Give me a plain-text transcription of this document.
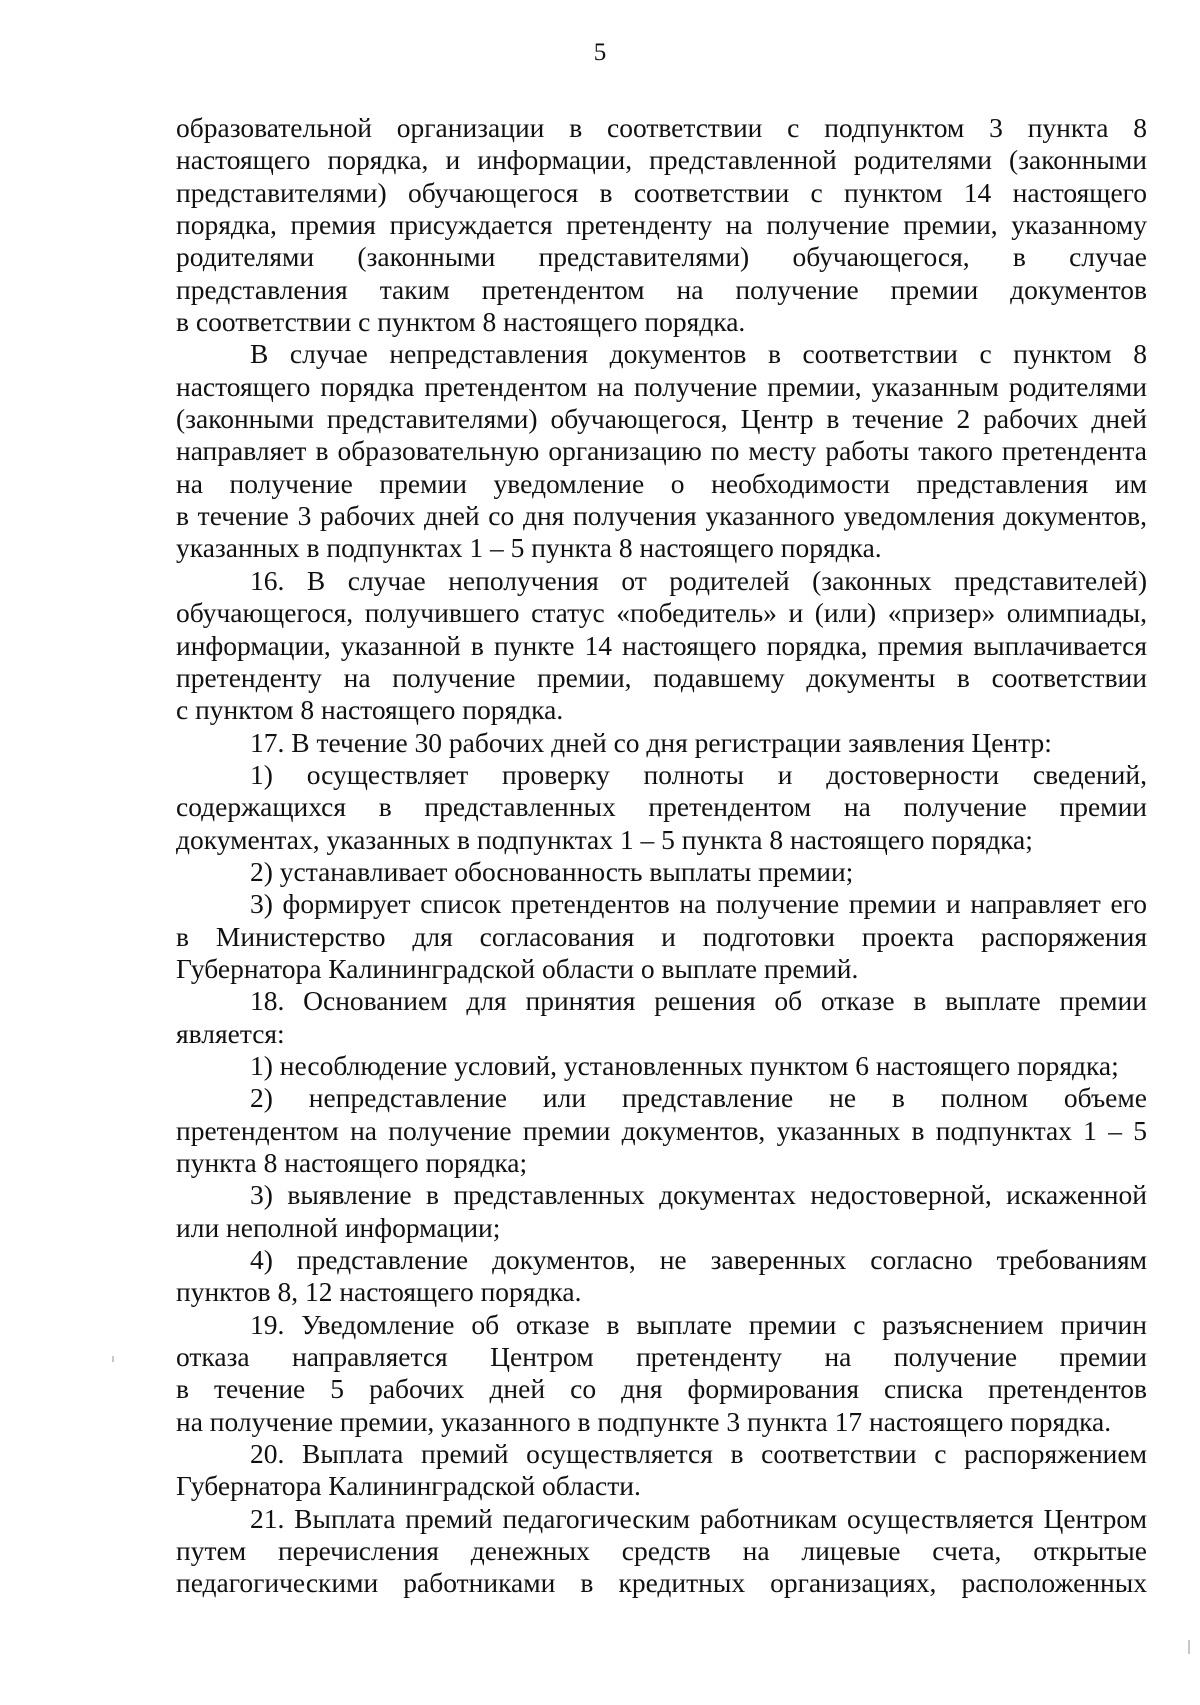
5
образовательной организации в соответствии с подпунктом 3 пункта 8
настоящего порядка, и информации, представленной родителями (законными
представителями) обучающегося в соответствии с пунктом 14 настоящего
порядка, премия присуждается претенденту на получение премии, указанному
родителями (законными представителями) обучающегося, в случае
представления таким претендентом на получение премии документов
в соответствии с пунктом 8 настоящего порядка.
В случае непредставления документов в соответствии с пунктом 8
настоящего порядка претендентом на получение премии, указанным родителями
(законными представителями) обучающегося, Центр в течение 2 рабочих дней
направляет в образовательную организацию по месту работы такого претендента
на получение премии уведомление о необходимости представления им
в течение 3 рабочих дней со дня получения указанного уведомления документов,
указанных в подпунктах 1 – 5 пункта 8 настоящего порядка.
16. В случае неполучения от родителей (законных представителей)
обучающегося, получившего статус «победитель» и (или) «призер» олимпиады,
информации, указанной в пункте 14 настоящего порядка, премия выплачивается
претенденту на получение премии, подавшему документы в соответствии
с пунктом 8 настоящего порядка.
17. В течение 30 рабочих дней со дня регистрации заявления Центр:
1) осуществляет проверку полноты и достоверности сведений,
содержащихся в представленных претендентом на получение премии
документах, указанных в подпунктах 1 – 5 пункта 8 настоящего порядка;
2) устанавливает обоснованность выплаты премии;
3) формирует список претендентов на получение премии и направляет его
в Министерство для согласования и подготовки проекта распоряжения
Губернатора Калининградской области о выплате премий.
18. Основанием для принятия решения об отказе в выплате премии
является:
1) несоблюдение условий, установленных пунктом 6 настоящего порядка;
2) непредставление или представление не в полном объеме
претендентом на получение премии документов, указанных в подпунктах 1 – 5
пункта 8 настоящего порядка;
3) выявление в представленных документах недостоверной, искаженной
или неполной информации;
4) представление документов, не заверенных согласно требованиям
пунктов 8, 12 настоящего порядка.
19. Уведомление об отказе в выплате премии с разъяснением причин
отказа направляется Центром претенденту на получение премии
в течение 5 рабочих дней со дня формирования списка претендентов
на получение премии, указанного в подпункте 3 пункта 17 настоящего порядка.
20. Выплата премий осуществляется в соответствии с распоряжением
Губернатора Калининградской области.
21. Выплата премий педагогическим работникам осуществляется Центром
путем перечисления денежных средств на лицевые счета, открытые
педагогическими работниками в кредитных организациях, расположенных
